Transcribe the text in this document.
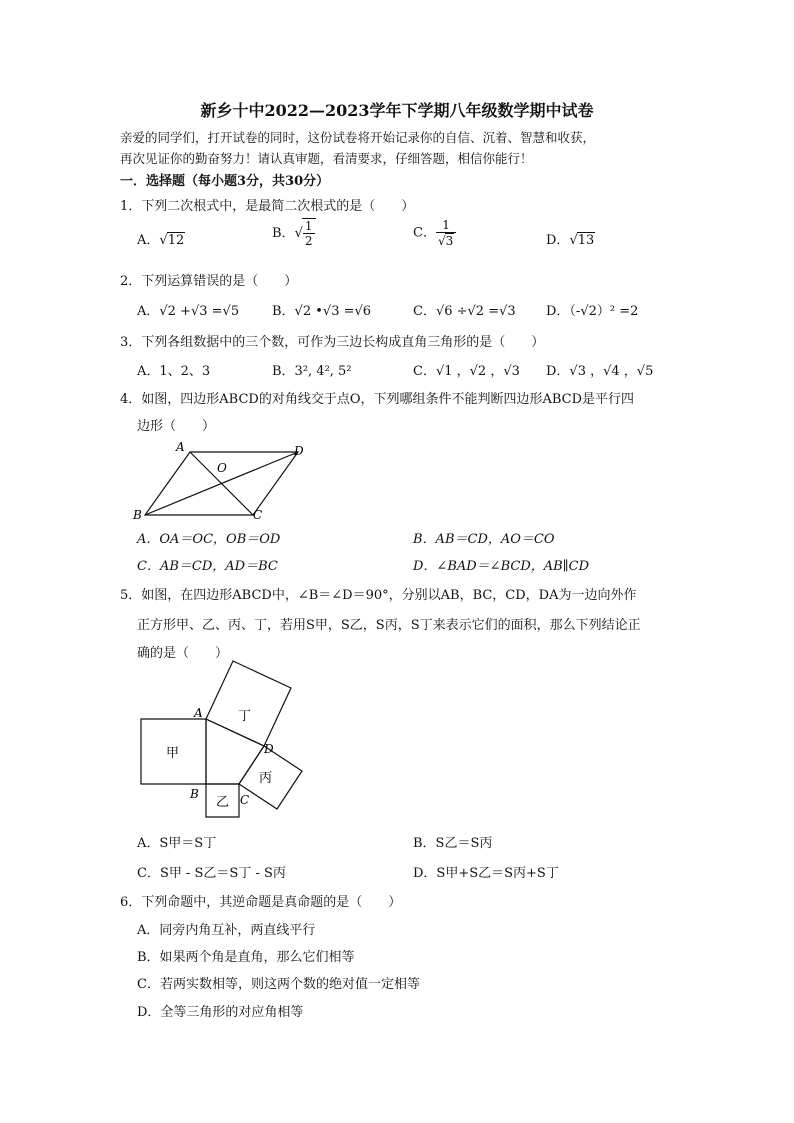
新乡十中2022—2023学年下学期八年级数学期中试卷
亲爱的同学们，打开试卷的同时，这份试卷将开始记录你的自信、沉着、智慧和收获，
再次见证你的勤奋努力！请认真审题，看清要求，仔细答题，相信你能行！
一．选择题（每小题3分，共30分）
1．下列二次根式中，是最简二次根式的是（　　）
A．√12	B．√ $\frac{1}{2}$	C． $\frac{1}{√3}$	D．√13
2．下列运算错误的是（　　）
A．√2 +√3 =√5	B．√2 •√3 =√6	C．√6 ÷√2 =√3 D．（-√2）² =2
3．下列各组数据中的三个数，可作为三边长构成直角三角形的是（　　）
A．1、2、3	B．3², 4², 5²	C．√1 ，√2 ，√3 D．√3 ，√4 ，√5
4．如图，四边形ABCD的对角线交于点O，下列哪组条件不能判断四边形ABCD是平行四
边形（　　）
A	D
O
B	C
A．OA＝OC，OB＝OD	B．AB＝CD，AO＝CO
C．AB＝CD，AD＝BC	D．∠BAD＝∠BCD，AB∥CD
5．如图，在四边形ABCD中，∠B＝∠D＝90°，分别以AB，BC，CD，DA为一边向外作
正方形甲、乙、丙、丁，若用S甲，S乙，S丙，S丁来表示它们的面积，那么下列结论正
确的是（　　）
甲
乙
丁
丙
A
B	C
D
A．S甲＝S丁	B．S乙＝S丙
C．S甲 - S乙＝S丁 - S丙	D．S甲+S乙＝S丙+S丁
6．下列命题中，其逆命题是真命题的是（　　）
A．同旁内角互补，两直线平行
B．如果两个角是直角，那么它们相等
C．若两实数相等，则这两个数的绝对值一定相等
D．全等三角形的对应角相等
